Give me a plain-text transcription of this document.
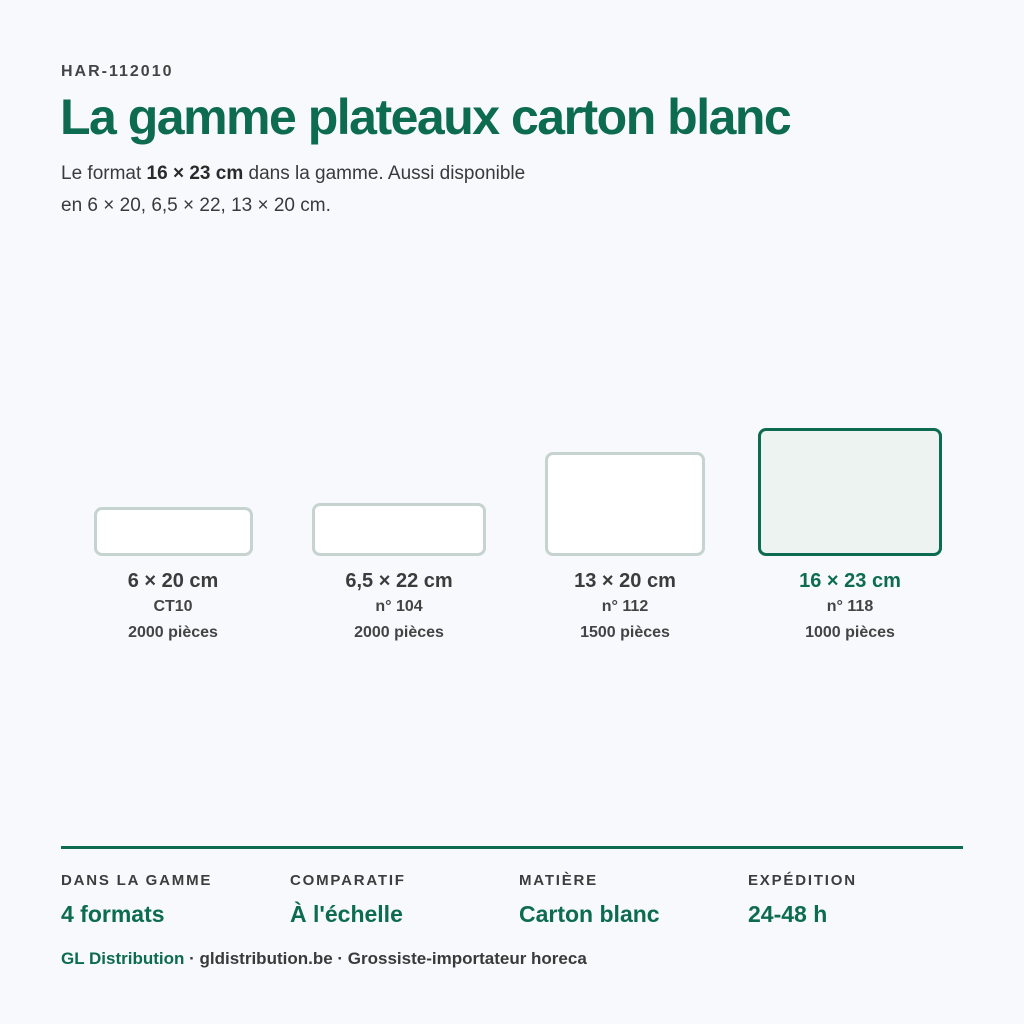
HAR-112010
La gamme plateaux carton blanc
Le format 16 × 23 cm dans la gamme. Aussi disponible
en 6 × 20, 6,5 × 22, 13 × 20 cm.
6 × 20 cm
CT10
2000 pièces
6,5 × 22 cm
n° 104
2000 pièces
13 × 20 cm
n° 112
1500 pièces
16 × 23 cm
n° 118
1000 pièces
DANS LA GAMME
4 formats
COMPARATIF
À l'échelle
MATIÈRE
Carton blanc
EXPÉDITION
24-48 h
GL Distribution · gldistribution.be · Grossiste-importateur horeca
